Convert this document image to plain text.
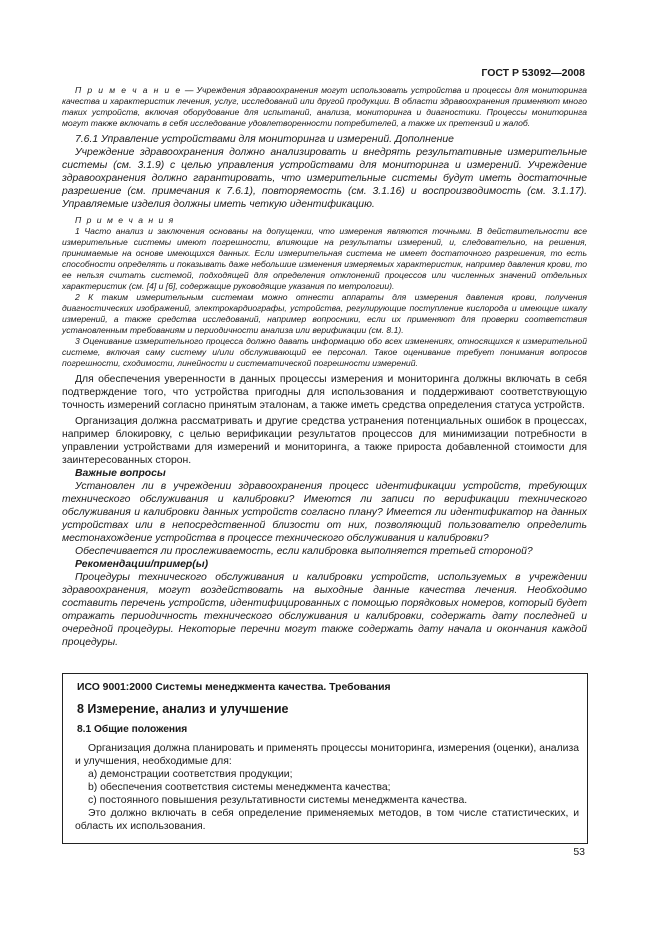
ГОСТ Р 53092—2008

П р и м е ч а н и е — Учреждения здравоохранения могут использовать устройства и процессы для мониторинга качества и характеристик лечения, услуг, исследований или другой продукции. В области здравоохранения применяют много таких устройств, включая оборудование для испытаний, анализа, мониторинга и диагностики. Процессы мониторинга могут также включать в себя исследование удовлетворенности потребителей, а также их претензий и жалоб.

7.6.1 Управление устройствами для мониторинга и измерений. Дополнение

Учреждение здравоохранения должно анализировать и внедрять результативные измерительные системы (см. 3.1.9) с целью управления устройствами для мониторинга и измерений. Учреждение здравоохранения должно гарантировать, что измерительные системы будут иметь достаточные разрешение (см. примечания к 7.6.1), повторяемость (см. 3.1.16) и воспроизводимость (см. 3.1.17). Управляемые изделия должны иметь четкую идентификацию.

П р и м е ч а н и я

1 Часто анализ и заключения основаны на допущении, что измерения являются точными. В действительности все измерительные системы имеют погрешности, влияющие на результаты измерений, и, следовательно, на решения, принимаемые на основе имеющихся данных. Если измерительная система не имеет достаточного разрешения, то есть способности определять и показывать даже небольшие изменения измеряемых характеристик, например давления крови, то ее нельзя считать системой, подходящей для определения отклонений процессов или численных значений отдельных характеристик (см. [4] и [6], содержащие руководящие указания по метрологии).

2 К таким измерительным системам можно отнести аппараты для измерения давления крови, получения диагностических изображений, электрокардиографы, устройства, регулирующие поступление кислорода и имеющие шкалу измерений, а также средства исследований, например вопросники, если их применяют для проверки соответствия установленным требованиям и периодичности анализа или верификации (см. 8.1).

3 Оценивание измерительного процесса должно давать информацию обо всех изменениях, относящихся к измерительной системе, включая саму систему и/или обслуживающий ее персонал. Такое оценивание требует понимания вопросов погрешности, сходимости, линейности и систематической погрешности измерений.

Для обеспечения уверенности в данных процессы измерения и мониторинга должны включать в себя подтверждение того, что устройства пригодны для использования и поддерживают соответствующую точность измерений согласно принятым эталонам, а также иметь средства определения статуса устройств.

Организация должна рассматривать и другие средства устранения потенциальных ошибок в процессах, например блокировку, с целью верификации результатов процессов для минимизации потребности в управлении устройствами для измерений и мониторинга, а также прироста добавленной стоимости для заинтересованных сторон.

Важные вопросы

Установлен ли в учреждении здравоохранения процесс идентификации устройств, требующих технического обслуживания и калибровки? Имеются ли записи по верификации технического обслуживания и калибровки данных устройств согласно плану? Имеется ли идентификатор на данных устройствах или в непосредственной близости от них, позволяющий пользователю определить местонахождение устройства в процессе технического обслуживания и калибровки?

Обеспечивается ли прослеживаемость, если калибровка выполняется третьей стороной?

Рекомендации/пример(ы)

Процедуры технического обслуживания и калибровки устройств, используемых в учреждении здравоохранения, могут воздействовать на выходные данные качества лечения. Необходимо составить перечень устройств, идентифицированных с помощью порядковых номеров, который будет отражать периодичность технического обслуживания и калибровки, содержать дату последней и очередной процедуры. Некоторые перечни могут также содержать дату начала и окончания каждой процедуры.

ИСО 9001:2000 Системы менеджмента качества. Требования
8 Измерение, анализ и улучшение
8.1 Общие положения

Организация должна планировать и применять процессы мониторинга, измерения (оценки), анализа и улучшения, необходимые для:

а) демонстрации соответствия продукции;

b) обеспечения соответствия системы менеджмента качества;

с) постоянного повышения результативности системы менеджмента качества.

Это должно включать в себя определение применяемых методов, в том числе статистических, и область их использования.

53
